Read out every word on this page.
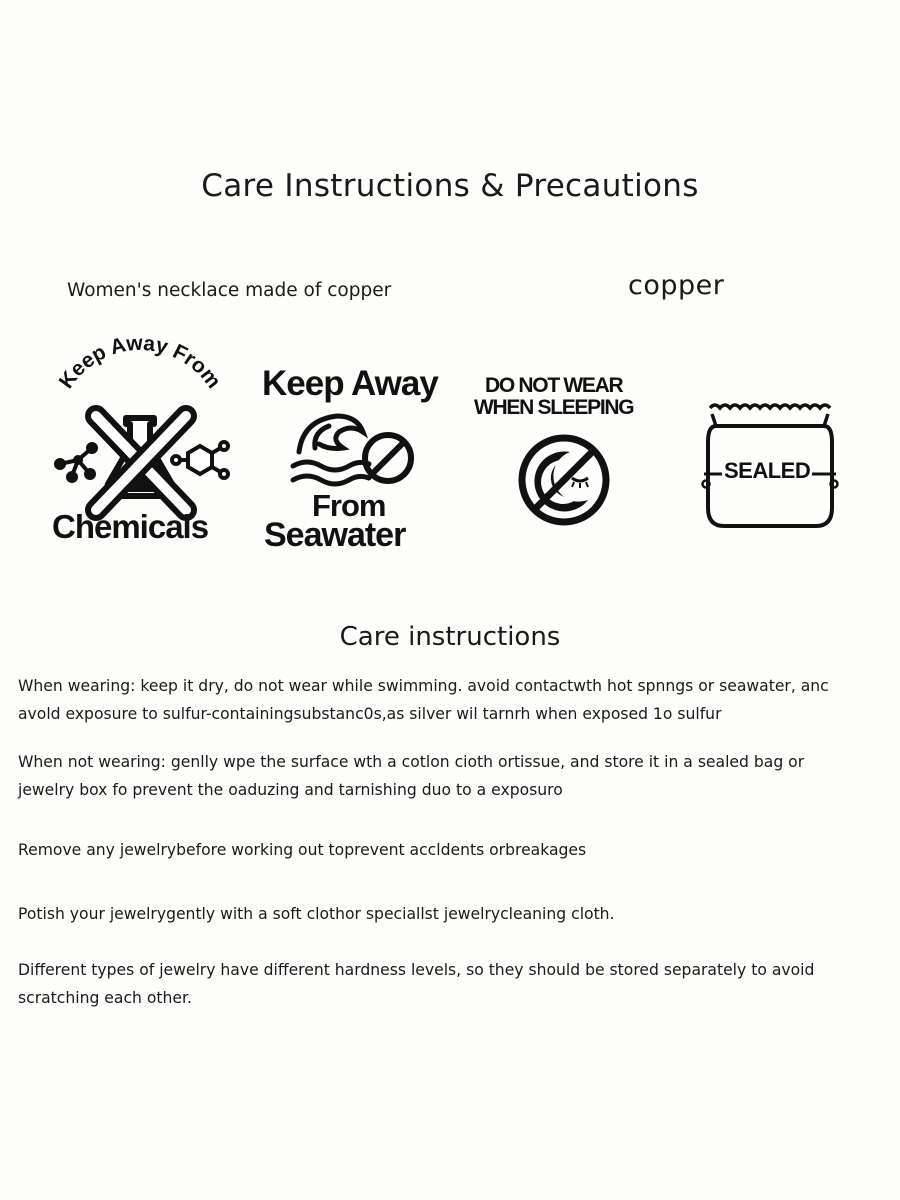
Care Instructions & Precautions
Women's necklace made of copper	copper
Keep Away From
Chemicals
Keep Away
From
Seawater
DO NOT WEAR
WHEN SLEEPING
SEALED
Care instructions
When wearing: keep it dry, do not wear while swimming. avoid contactwth hot spnngs or seawater, anc
avold exposure to sulfur-containingsubstanc0s,as silver wil tarnrh when exposed 1o sulfur
When not wearing: genlly wpe the surface wth a cotlon cioth ortissue, and store it in a sealed bag or
jewelry box fo prevent the oaduzing and tarnishing duo to a exposuro
Remove any jewelrybefore working out toprevent accldents orbreakages
Potish your jewelrygently with a soft clothor speciallst jewelrycleaning cloth.
Different types of jewelry have different hardness levels, so they should be stored separately to avoid
scratching each other.
